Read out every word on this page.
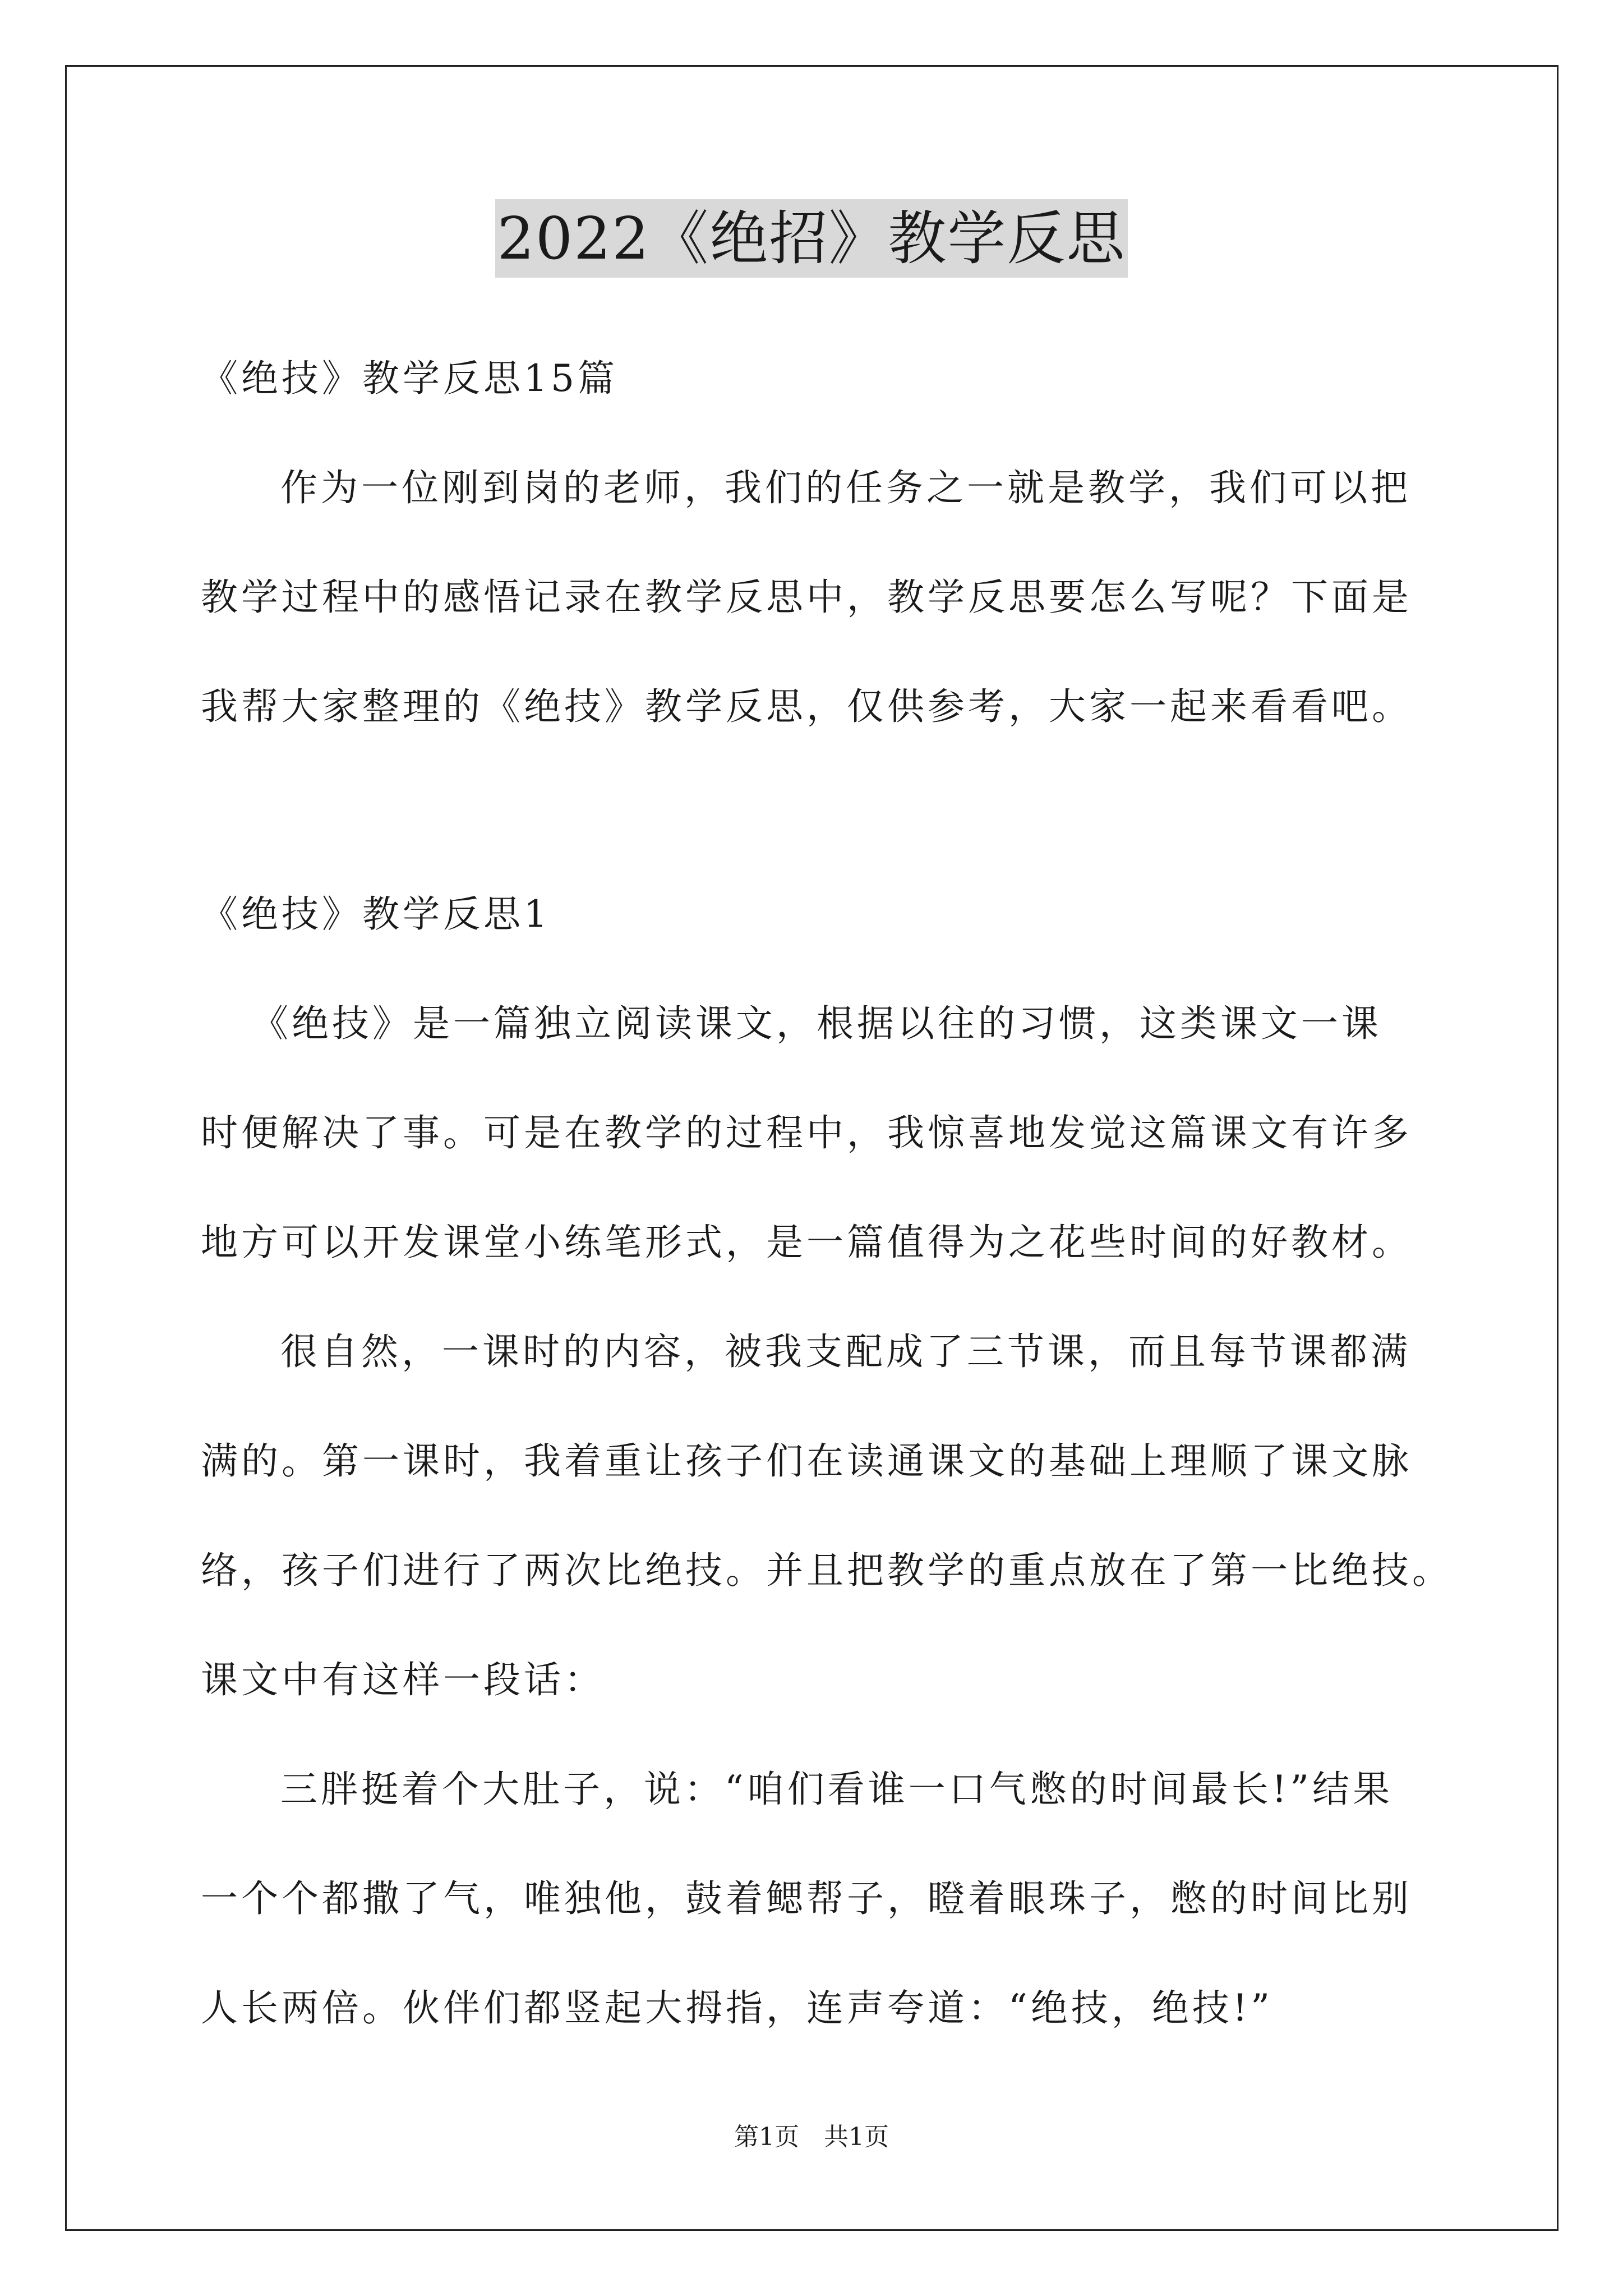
2022《绝招》教学反思
《绝技》教学反思15篇
作为一位刚到岗的老师，我们的任务之一就是教学，我们可以把
教学过程中的感悟记录在教学反思中，教学反思要怎么写呢？下面是
我帮大家整理的《绝技》教学反思，仅供参考，大家一起来看看吧。
《绝技》教学反思1
《绝技》是一篇独立阅读课文，根据以往的习惯，这类课文一课
时便解决了事。可是在教学的过程中，我惊喜地发觉这篇课文有许多
地方可以开发课堂小练笔形式，是一篇值得为之花些时间的好教材。
很自然，一课时的内容，被我支配成了三节课，而且每节课都满
满的。第一课时，我着重让孩子们在读通课文的基础上理顺了课文脉
络，孩子们进行了两次比绝技。并且把教学的重点放在了第一比绝技。
课文中有这样一段话：
三胖挺着个大肚子，说：“咱们看谁一口气憋的时间最长!”结果
一个个都撒了气，唯独他，鼓着鳃帮子，瞪着眼珠子，憋的时间比别
人长两倍。伙伴们都竖起大拇指，连声夸道：“绝技，绝技!”
第1页　共1页
